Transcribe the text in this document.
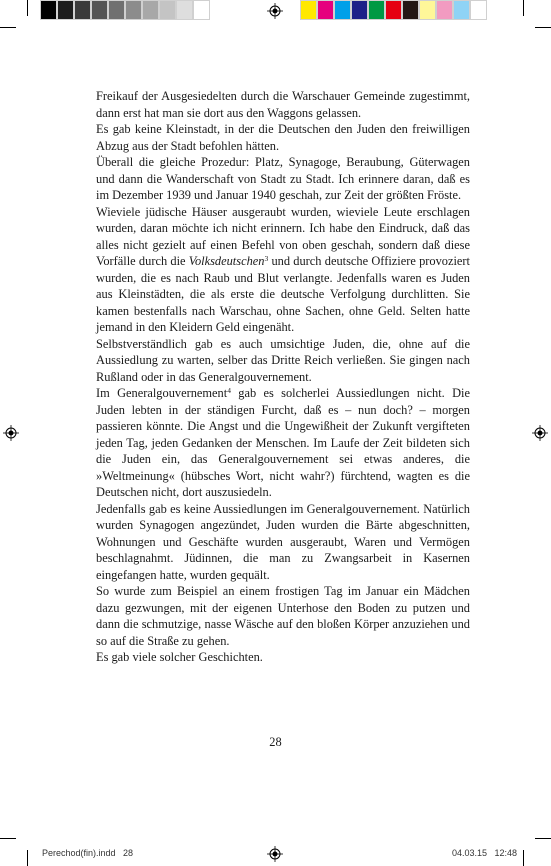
Freikauf der Ausgesiedelten durch die Warschauer Gemeinde zugestimmt, dann erst hat man sie dort aus den Waggons gelassen.

Es gab keine Kleinstadt, in der die Deutschen den Juden den freiwilligen Abzug aus der Stadt befohlen hätten.

Überall die gleiche Prozedur: Platz, Synagoge, Beraubung, Güterwagen und dann die Wanderschaft von Stadt zu Stadt. Ich erinnere daran, daß es im Dezember 1939 und Januar 1940 geschah, zur Zeit der größten Fröste.

Wieviele jüdische Häuser ausgeraubt wurden, wieviele Leute erschlagen wurden, daran möchte ich nicht erinnern. Ich habe den Eindruck, daß das alles nicht gezielt auf einen Befehl von oben geschah, sondern daß diese Vorfälle durch die Volksdeutschen$^3$ und durch deutsche Offiziere provoziert wurden, die es nach Raub und Blut verlangte. Jedenfalls waren es Juden aus Kleinstädten, die als erste die deutsche Verfolgung durchlitten. Sie kamen bestenfalls nach Warschau, ohne Sachen, ohne Geld. Selten hatte jemand in den Kleidern Geld eingenäht.

Selbstverständlich gab es auch umsichtige Juden, die, ohne auf die Aussiedlung zu warten, selber das Dritte Reich verließen. Sie gingen nach Rußland oder in das Generalgouvernement.

Im Generalgouvernement$^4$ gab es solcherlei Aussiedlungen nicht. Die Juden lebten in der ständigen Furcht, daß es – nun doch? – morgen passieren könnte. Die Angst und die Ungewißheit der Zukunft vergifteten jeden Tag, jeden Gedanken der Menschen. Im Laufe der Zeit bildeten sich die Juden ein, das Generalgouvernement sei etwas anderes, die »Weltmeinung« (hübsches Wort, nicht wahr?) fürchtend, wagten es die Deutschen nicht, dort auszusiedeln.

Jedenfalls gab es keine Aussiedlungen im Generalgouvernement. Natürlich wurden Synagogen angezündet, Juden wurden die Bärte abgeschnitten, Wohnungen und Geschäfte wurden ausgeraubt, Waren und Vermögen beschlagnahmt. Jüdinnen, die man zu Zwangsarbeit in Kasernen eingefangen hatte, wurden gequält.

So wurde zum Beispiel an einem frostigen Tag im Januar ein Mädchen dazu gezwungen, mit der eigenen Unterhose den Boden zu putzen und dann die schmutzige, nasse Wäsche auf den bloßen Körper anzuziehen und so auf die Straße zu gehen.

Es gab viele solcher Geschichten.

28
Perechod(fin).indd   28	04.03.15   12:48
